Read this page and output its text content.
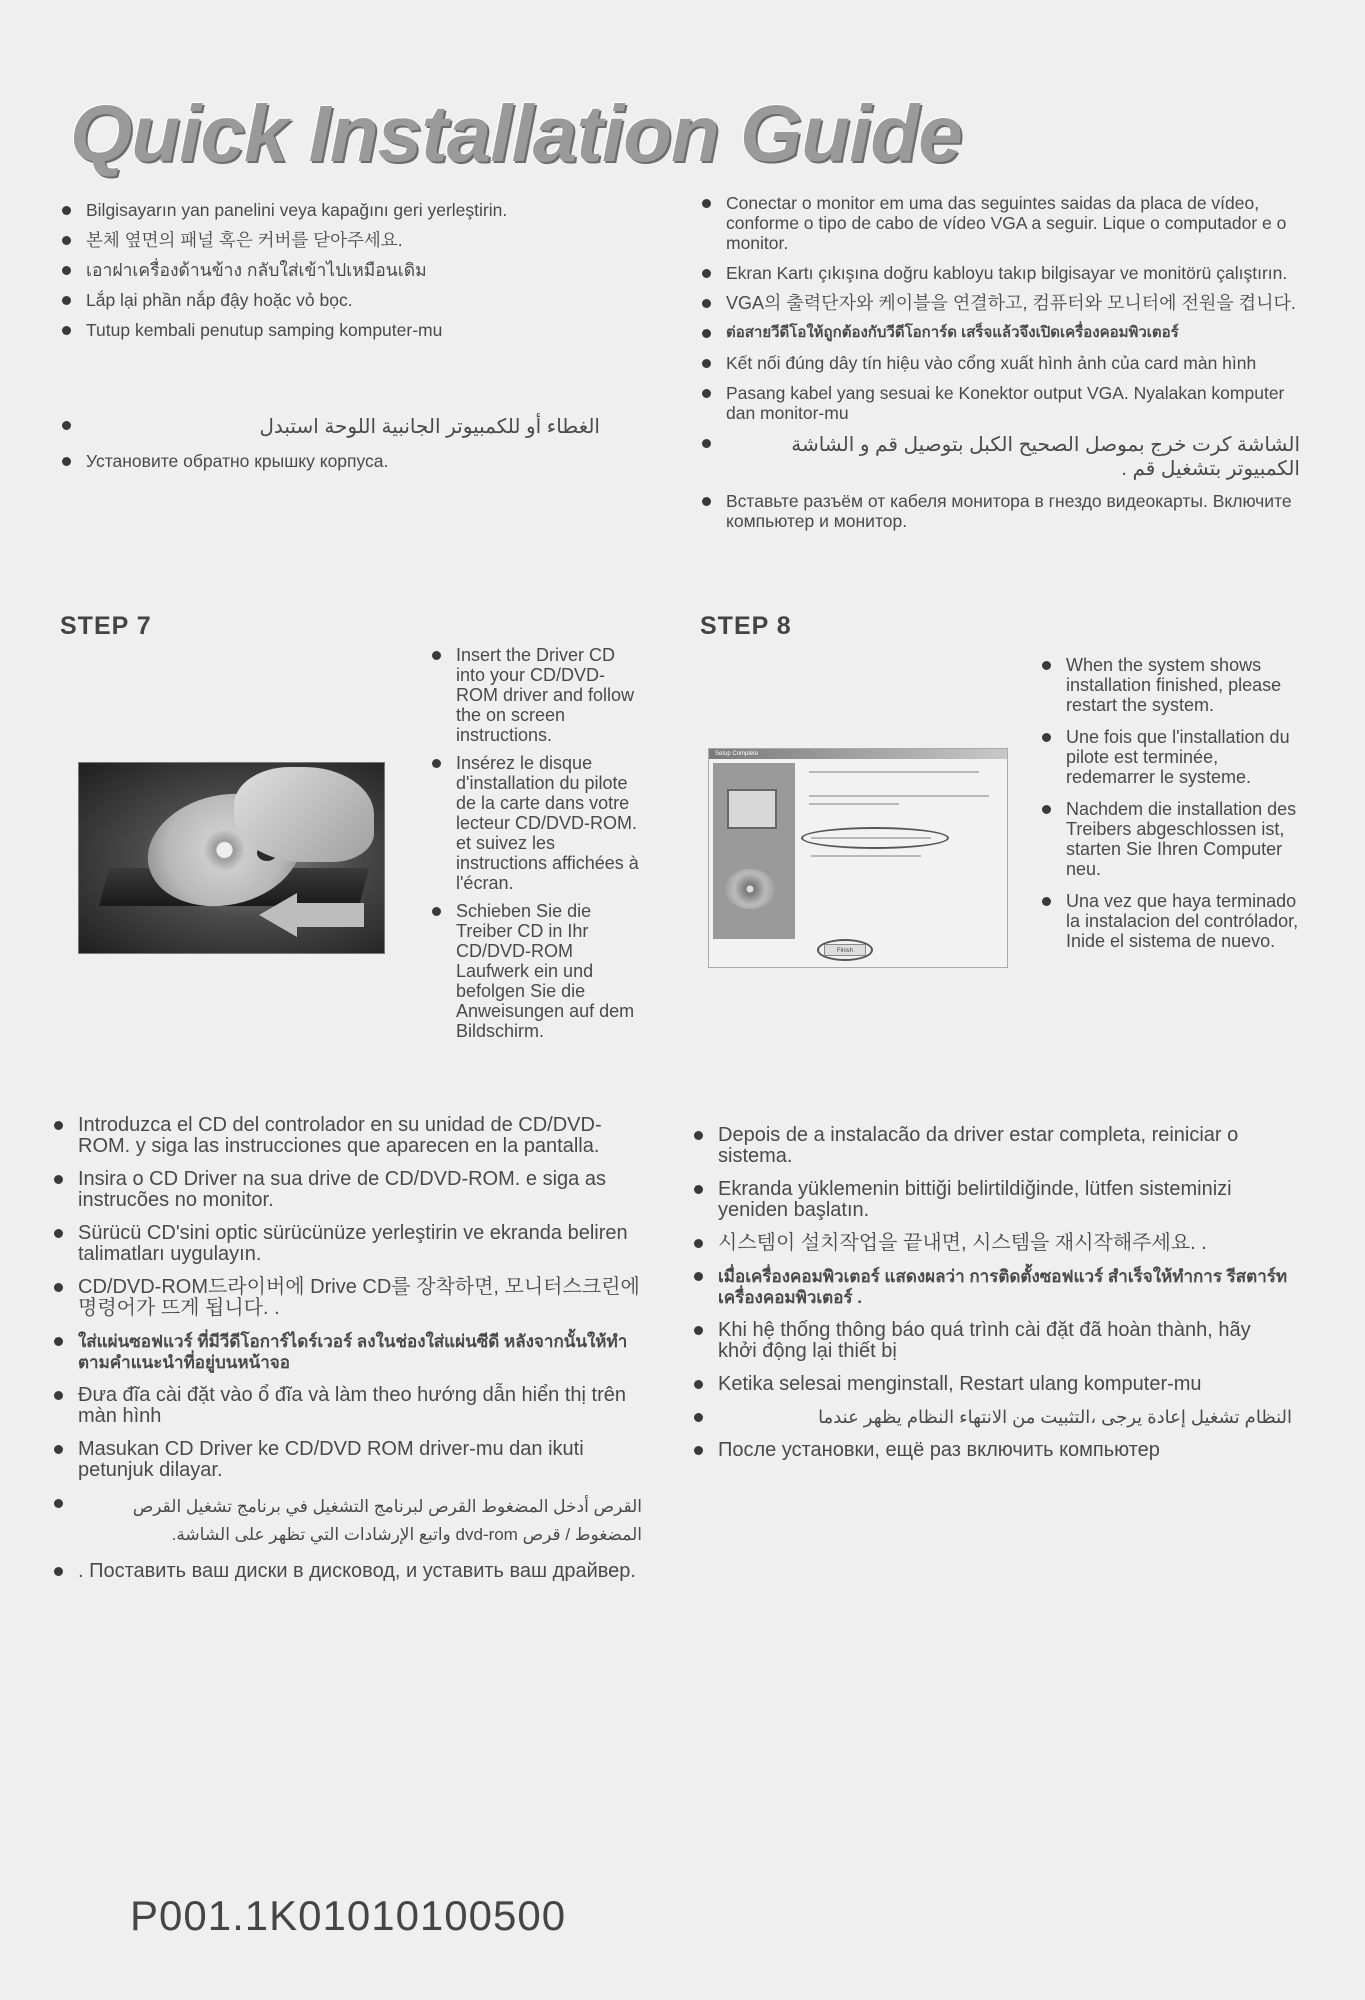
Quick Installation Guide
Bilgisayarın yan panelini veya kapağını geri yerleştirin.
본체 옆면의 패널 혹은 커버를 닫아주세요.
เอาฝาเครื่องด้านข้าง กลับใส่เข้าไปเหมือนเดิม
Lắp lại phần nắp đậy hoặc vỏ bọc.
Tutup kembali penutup samping komputer-mu
الغطاء أو للكمبيوتر الجانبية اللوحة استبدل
Установите обратно крышку корпуса.
Conectar o monitor em uma das seguintes saidas da placa de vídeo, conforme o tipo de cabo de vídeo VGA a seguir. Lique o computador e o monitor.
Ekran Kartı çıkışına doğru kabloyu takıp bilgisayar ve monitörü çalıştırın.
VGA의 출력단자와 케이블을 연결하고, 컴퓨터와 모니터에 전원을 켭니다.
ต่อสายวีดีโอให้ถูกต้องกับวีดีโอการ์ด เสร็จแล้วจึงเปิดเครื่องคอมพิวเตอร์
Kết nối đúng dây tín hiệu vào cổng xuất hình ảnh của card màn hình
Pasang kabel yang sesuai ke Konektor output VGA. Nyalakan komputer dan monitor-mu
الشاشة كرت خرج بموصل الصحيح الكبل بتوصيل قم و الشاشة الكمبيوتر بتشغيل قم .
Вставьте разъём от кабеля монитора в гнездо видеокарты. Включите компьютер и монитор.
STEP 7
Insert the Driver CD into your CD/DVD-ROM driver and follow the on screen instructions.
Insérez le disque d'installation du pilote de la carte dans votre lecteur CD/DVD-ROM. et suivez les instructions affichées à l'écran.
Schieben Sie die Treiber CD in Ihr CD/DVD-ROM Laufwerk ein und befolgen Sie die Anweisungen auf dem Bildschirm.
Introduzca el CD del controlador en su unidad de CD/DVD-ROM. y siga las instrucciones que aparecen en la pantalla.
Insira o CD Driver na sua drive de CD/DVD-ROM. e siga as instrucões no monitor.
Sürücü CD'sini optic sürücünüze yerleştirin ve ekranda beliren talimatları uygulayın.
CD/DVD-ROM드라이버에 Drive CD를 장착하면, 모니터스크린에 명령어가 뜨게 됩니다. .
ใส่แผ่นซอฟแวร์ ที่มีวีดีโอการ์ไดร์เวอร์ ลงในช่องใส่แผ่นซีดี หลังจากนั้นให้ทำตามคำแนะนำที่อยู่บนหน้าจอ
Đưa đĩa cài đặt vào ổ đĩa và làm theo hướng dẫn hiển thị trên màn hình
Masukan CD Driver ke CD/DVD ROM driver-mu dan ikuti petunjuk dilayar.
القرص أدخل المضغوط القرص لبرنامج التشغيل في برنامج تشغيل القرص المضغوط / قرص dvd-rom واتبع الإرشادات التي تظهر على الشاشة.
. Поставить ваш диски в дисковод, и уставить ваш драйвер.
STEP 8
Setup Complete
Finish
When the system shows installation finished, please restart the system.
Une fois que l'installation du pilote est terminée, redemarrer le systeme.
Nachdem die installation des Treibers abgeschlossen ist, starten Sie Ihren Computer neu.
Una vez que haya terminado la instalacion del contrólador, Inide el sistema de nuevo.
Depois de a instalacão da driver estar completa, reiniciar o sistema.
Ekranda yüklemenin bittiği belirtildiğinde, lütfen sisteminizi yeniden başlatın.
시스템이 설치작업을 끝내면, 시스템을 재시작해주세요. .
เมื่อเครื่องคอมพิวเตอร์ แสดงผลว่า การติดตั้งซอฟแวร์ สำเร็จให้ทำการ รีสตาร์ทเครื่องคอมพิวเตอร์ .
Khi hệ thống thông báo quá trình cài đặt đã hoàn thành, hãy khởi động lại thiết bị
Ketika selesai menginstall, Restart ulang komputer-mu
النظام تشغيل إعادة يرجى ،التثبيت من الانتهاء النظام يظهر عندما
После установки, ещё раз включить компьютер
P001.1K01010100500
